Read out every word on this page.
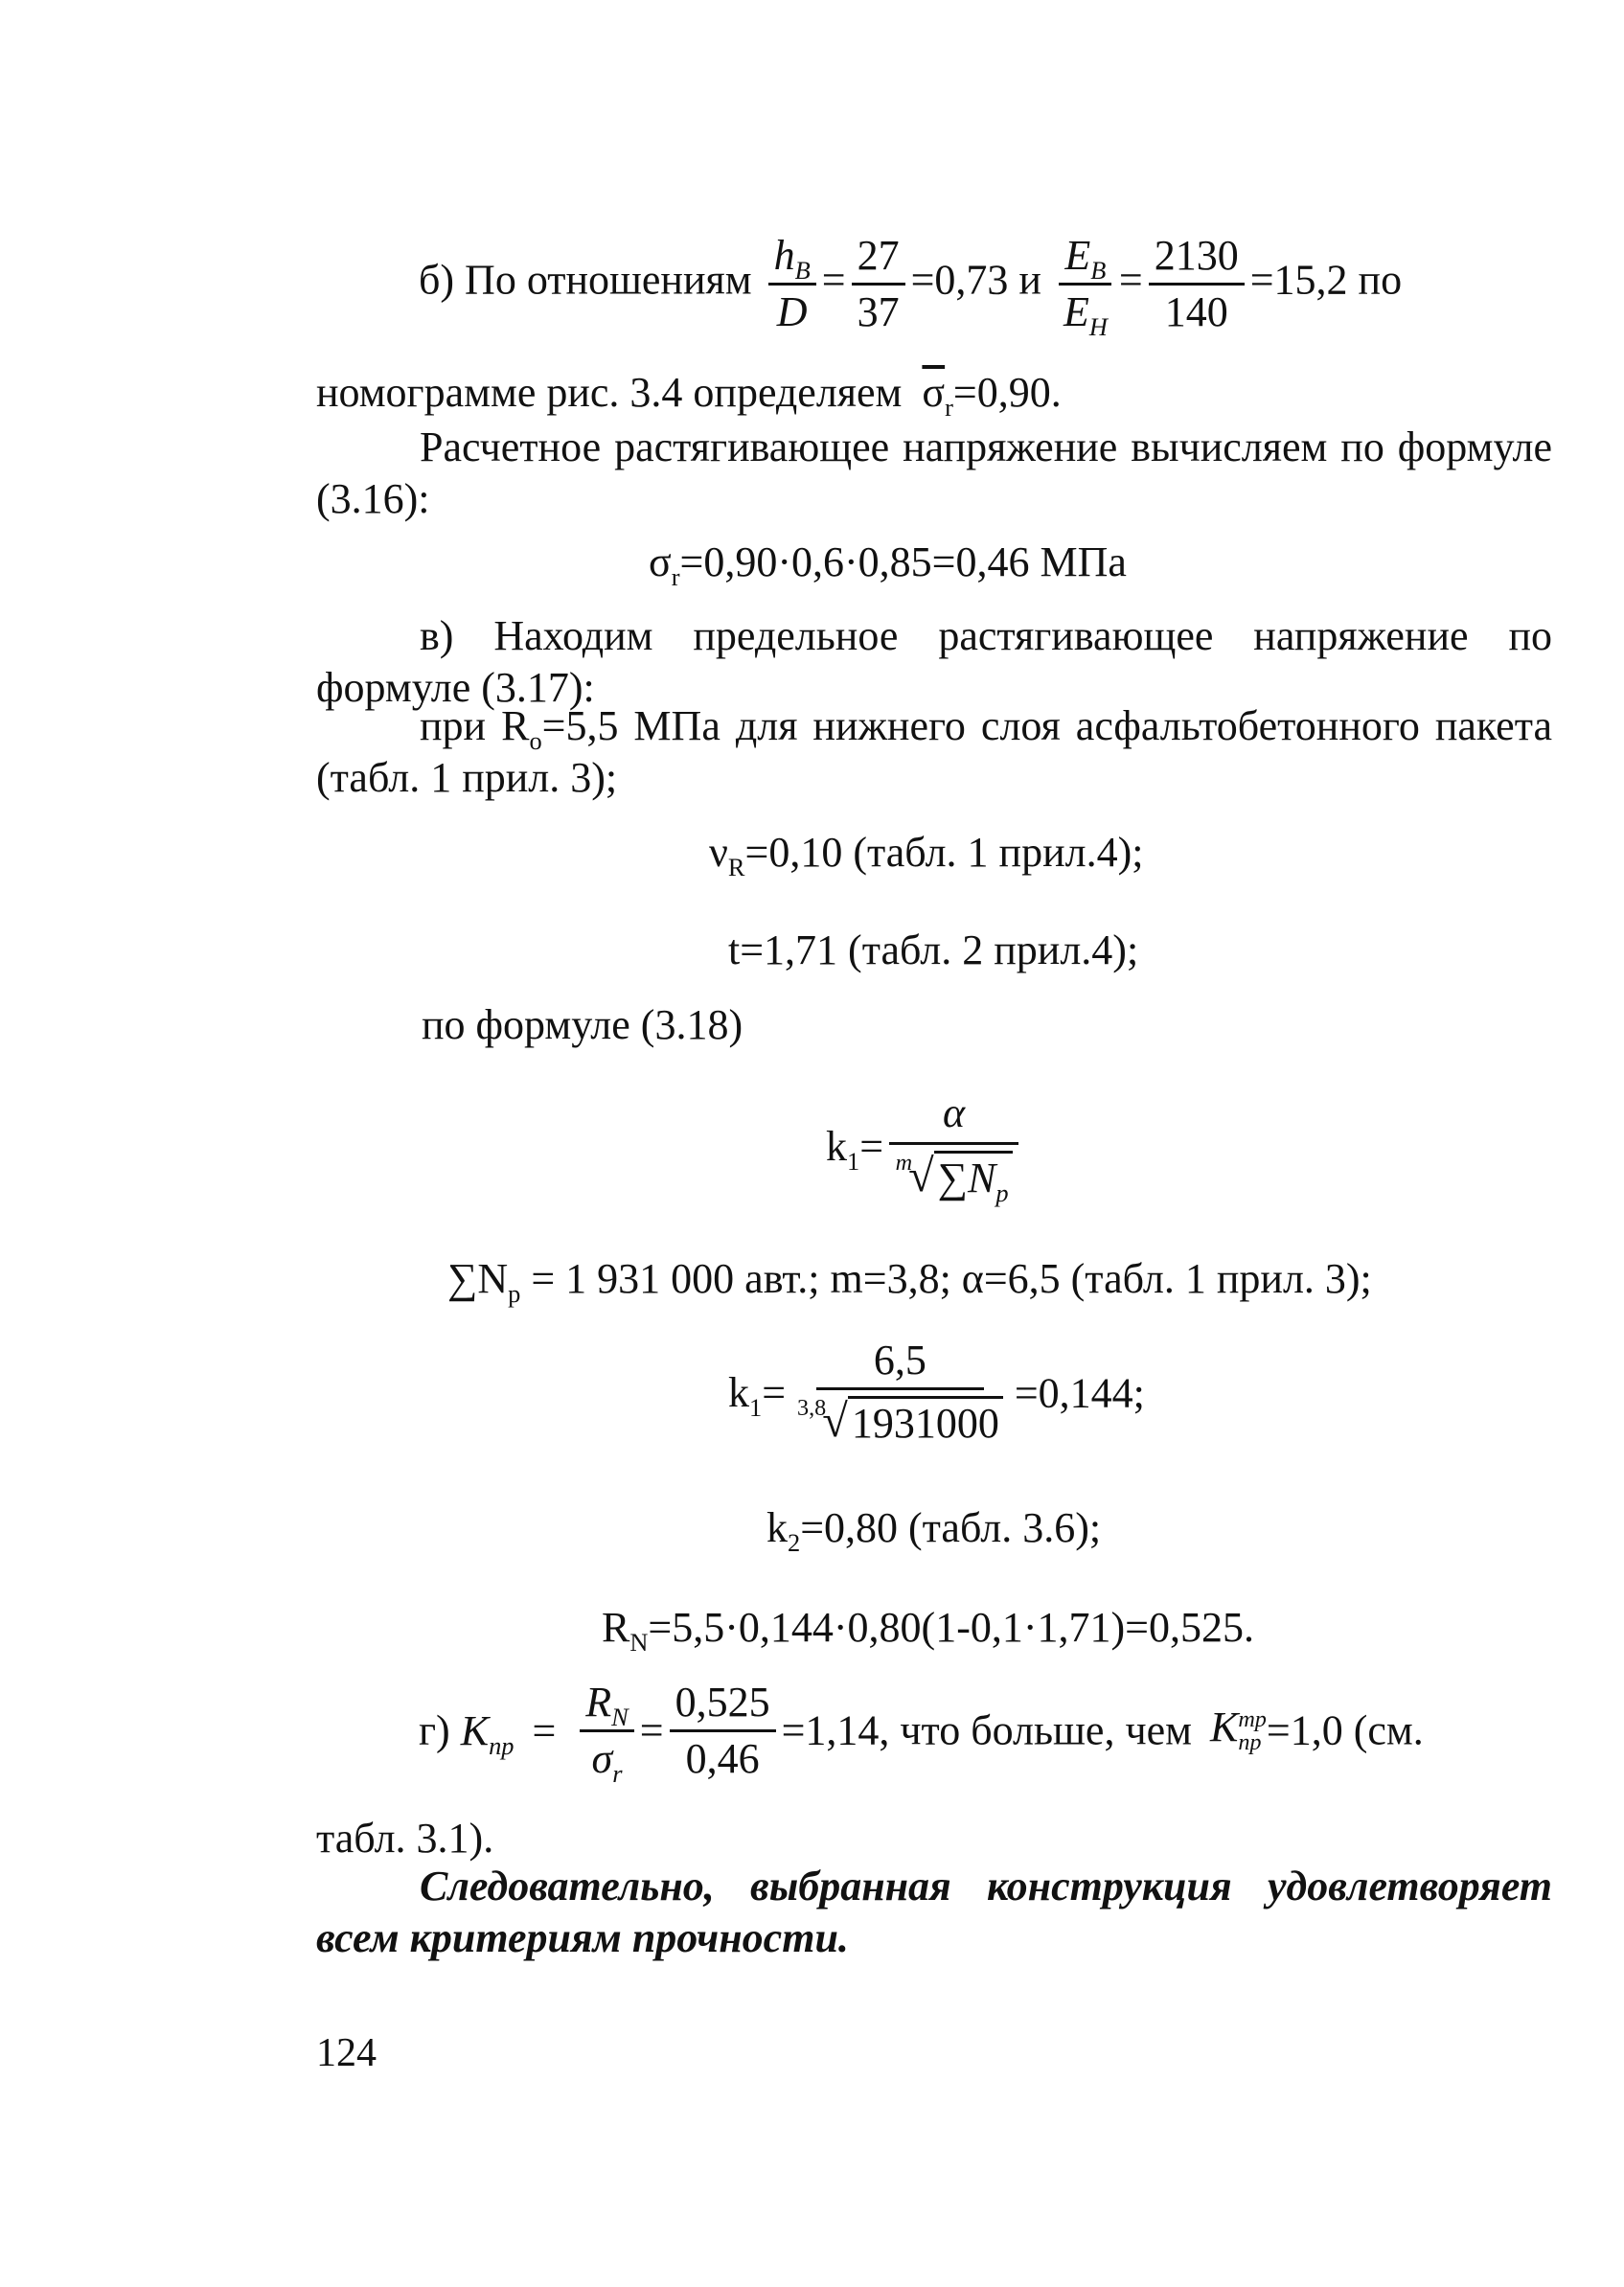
б) По отношениям $\frac{h_B}{D} = \frac{27}{37} =0,73$ и $\frac{E_B}{E_H} = \frac{2130}{140} =15,2$ по
номограмме рис. 3.4 определяем $\overline{\sigma}_r=0,90$.
Расчетное растягивающее напряжение вычисляем по формуле (3.16):
$\sigma_r=0,90\cdot 0,6\cdot 0,85=0,46$ МПа
в) Находим предельное растягивающее напряжение по формуле (3.17):
при $R_o=5,5$ МПа для нижнего слоя асфальтобетонного пакета (табл. 1 прил. 3);
$\nu_R=0,10$ (табл. 1 прил.4);
t=1,71 (табл. 2 прил.4);
по формуле (3.18)
$k_1= \alpha$
m
√ $\sum N_p$
$\sum N_p = 1$ 931 000 авт.; m=3,8; α=6,5 (табл. 1 прил. 3);
$k_1= 6,5$
3,8
√ 1931000 =0,144;
$k_2=0,80$ (табл. 3.6);
$R_N=5,5\cdot 0,144\cdot 0,80(1-0,1\cdot 1,71)=0,525$.
г) $K_{пр} = \frac{R_N}{\sigma_r} = \frac{0,525}{0,46} =1,14$, что больше, чем K тр
пр =1,0 (см.
табл. 3.1).
Следовательно, выбранная конструкция удовлетворяет всем критериям прочности.
124
